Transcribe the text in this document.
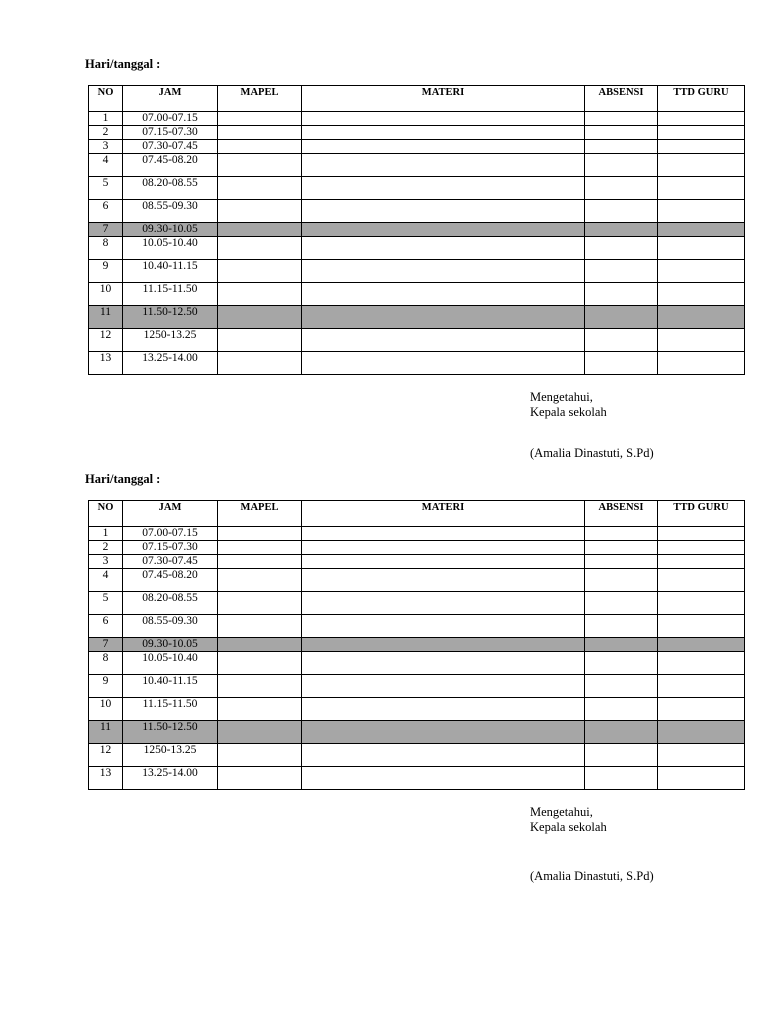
Hari/tanggal :
NO	JAM	MAPEL	MATERI	ABSENSI	TTD GURU
1	07.00-07.15				
2	07.15-07.30				
3	07.30-07.45				
4	07.45-08.20				
5	08.20-08.55				
6	08.55-09.30				
7	09.30-10.05				
8	10.05-10.40				
9	10.40-11.15				
10	11.15-11.50				
11	11.50-12.50				
12	1250-13.25				
13	13.25-14.00				
Mengetahui,
Kepala sekolah
(Amalia Dinastuti, S.Pd)
Hari/tanggal :
NO	JAM	MAPEL	MATERI	ABSENSI	TTD GURU
1	07.00-07.15				
2	07.15-07.30				
3	07.30-07.45				
4	07.45-08.20				
5	08.20-08.55				
6	08.55-09.30				
7	09.30-10.05				
8	10.05-10.40				
9	10.40-11.15				
10	11.15-11.50				
11	11.50-12.50				
12	1250-13.25				
13	13.25-14.00				
Mengetahui,
Kepala sekolah
(Amalia Dinastuti, S.Pd)
